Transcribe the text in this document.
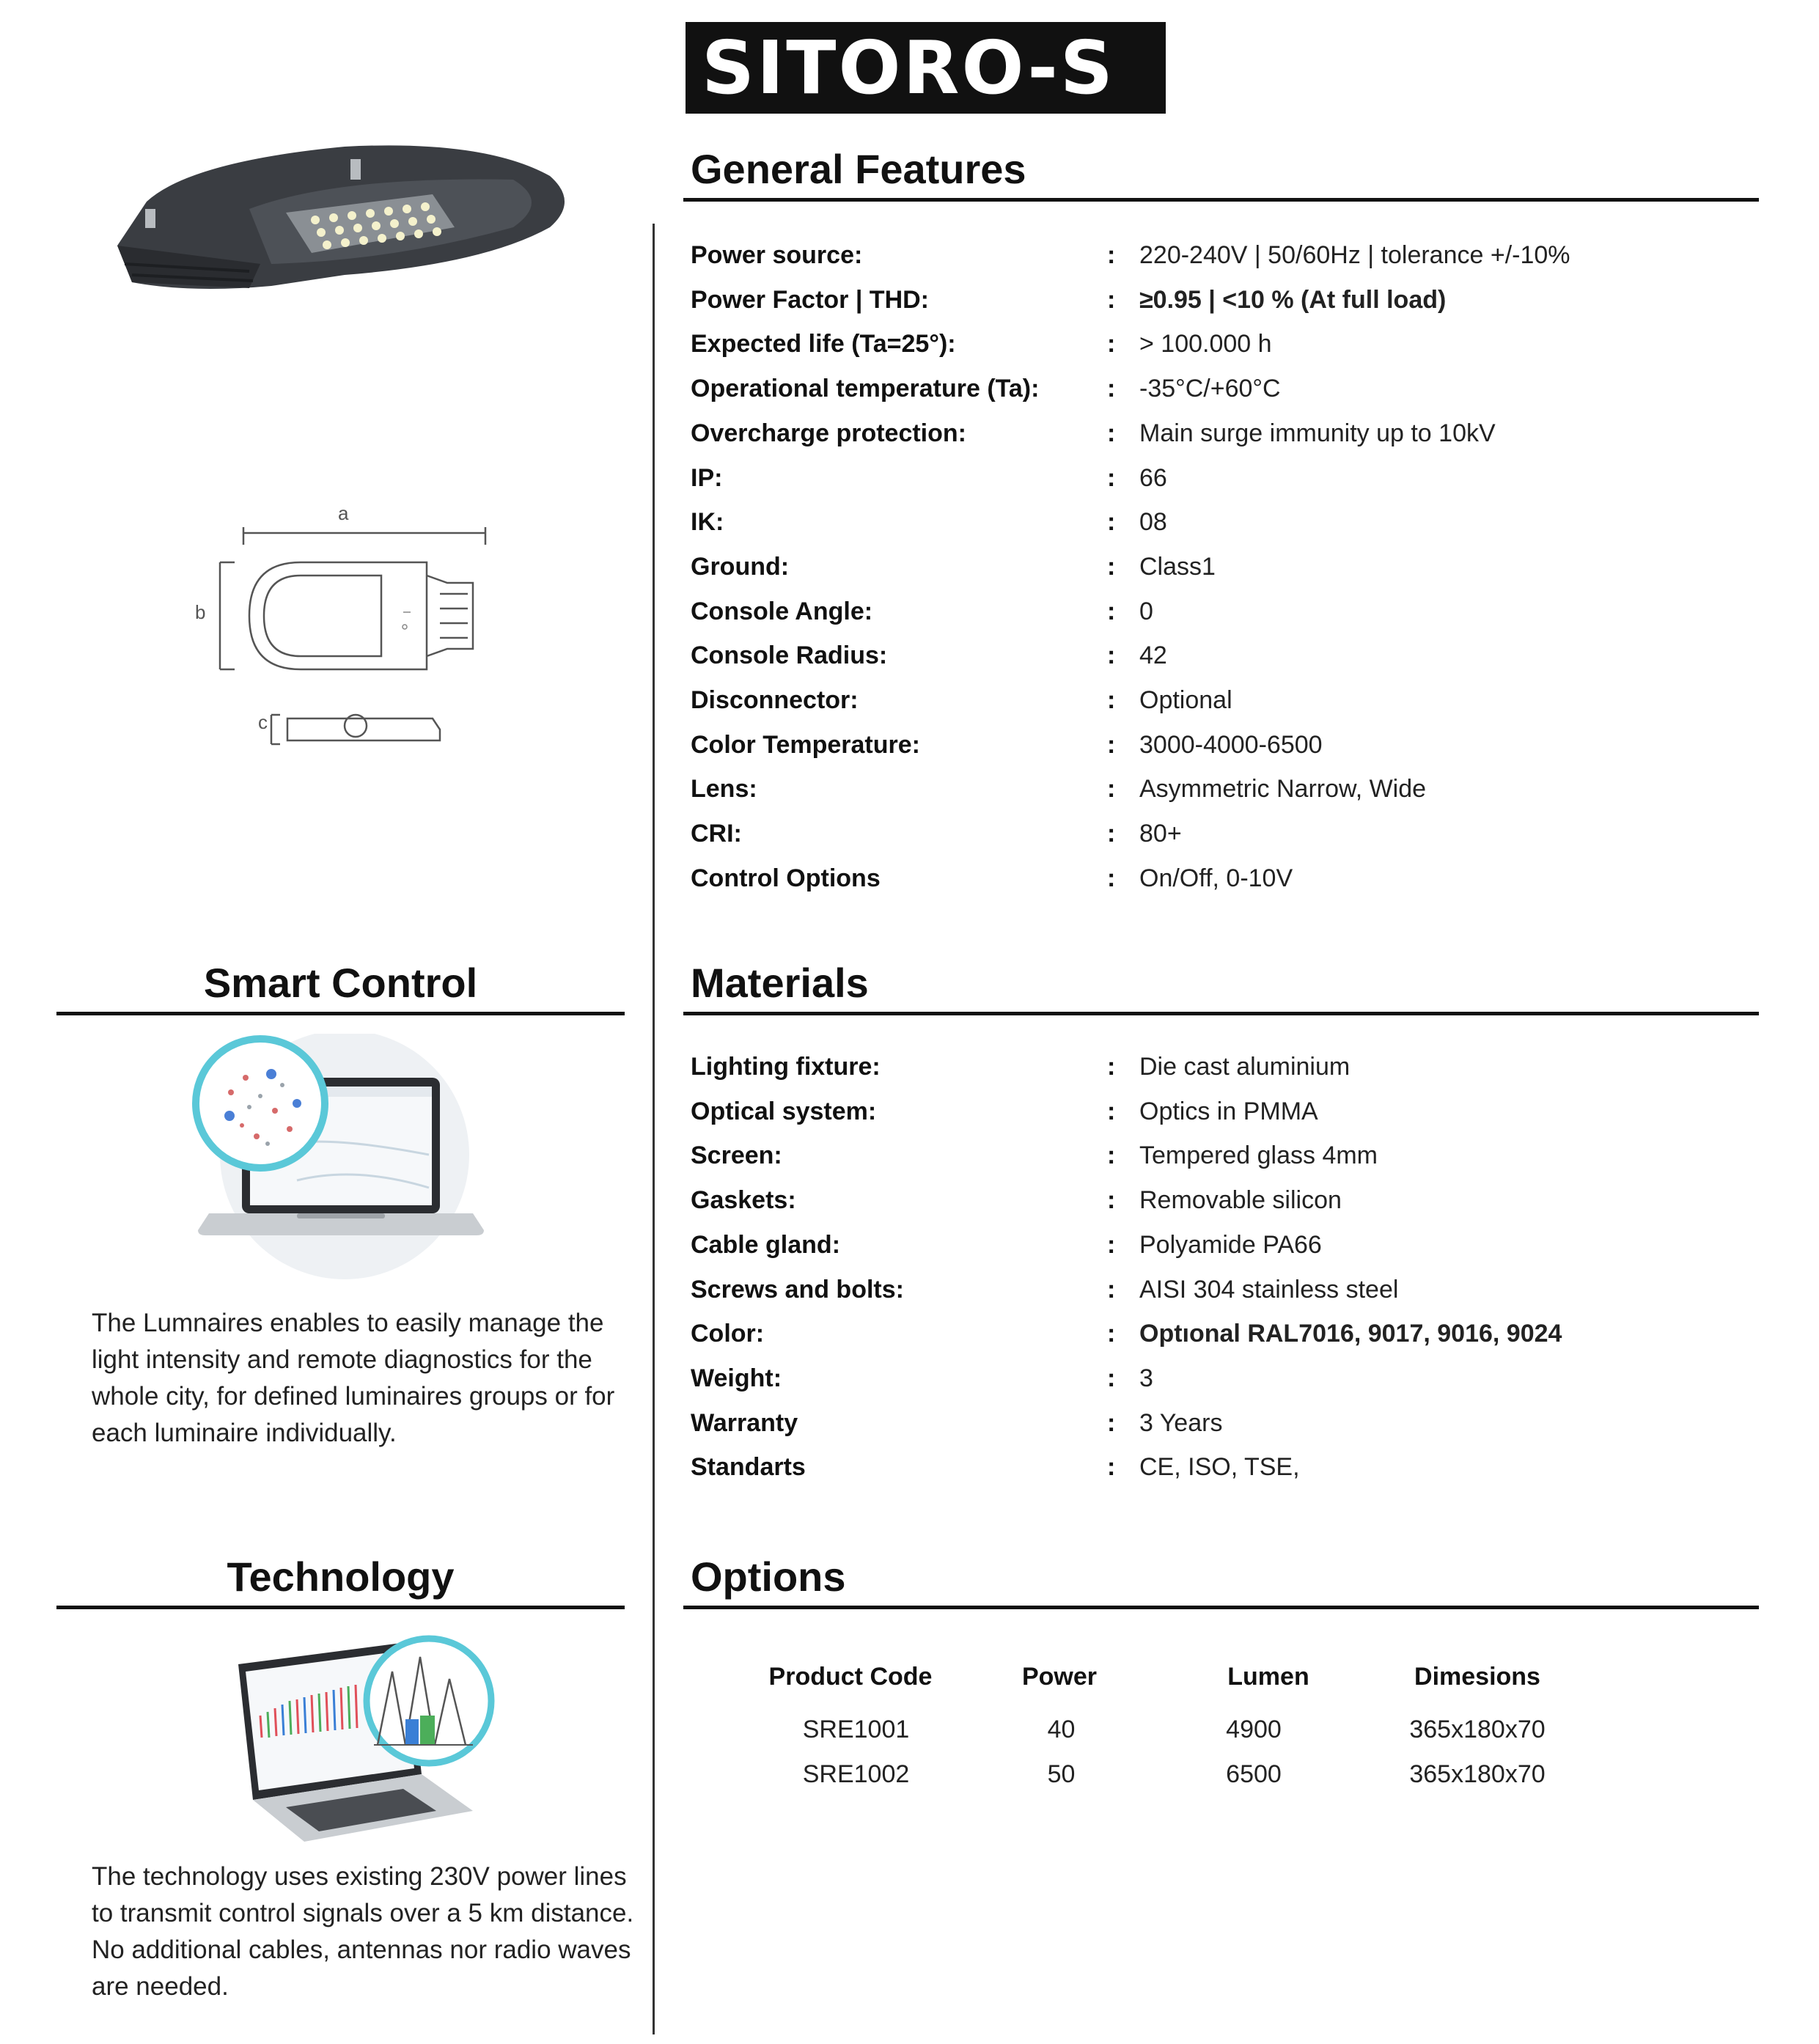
SITORO-S
a
b
c
General Features
Power source:	: 220-240V | 50/60Hz | tolerance +/-10%
Power Factor | THD:	: ≥0.95 | <10 % (At full load)
Expected life (Ta=25°):	: > 100.000 h
Operational temperature (Ta):	: -35°C/+60°C
Overcharge protection:	: Main surge immunity up to 10kV
IP:	: 66
IK:	: 08
Ground:	: Class1
Console Angle:	: 0
Console Radius:	: 42
Disconnector:	: Optional
Color Temperature:	: 3000-4000-6500
Lens:	: Asymmetric Narrow, Wide
CRI:	: 80+
Control Options	: On/Off, 0-10V
Materials
Lighting fixture:	: Die cast aluminium
Optical system:	: Optics in PMMA
Screen:	: Tempered glass 4mm
Gaskets:	: Removable silicon
Cable gland:	: Polyamide PA66
Screws and bolts:	: AISI 304 stainless steel
Color:	: Optıonal RAL7016, 9017, 9016, 9024
Weight:	: 3
Warranty	: 3 Years
Standarts	: CE, ISO, TSE,
Options
Product Code	Power	Lumen	Dimesions
SRE1001	40	4900	365x180x70
SRE1002	50	6500	365x180x70
Smart Control
The Lumnaires enables to easily manage the light intensity and remote diagnostics for the whole city, for defined luminaires groups or for each luminaire individually.
Technology
The technology uses existing 230V power lines to transmit control signals over a 5 km distance. No additional cables, antennas nor radio waves are needed.
